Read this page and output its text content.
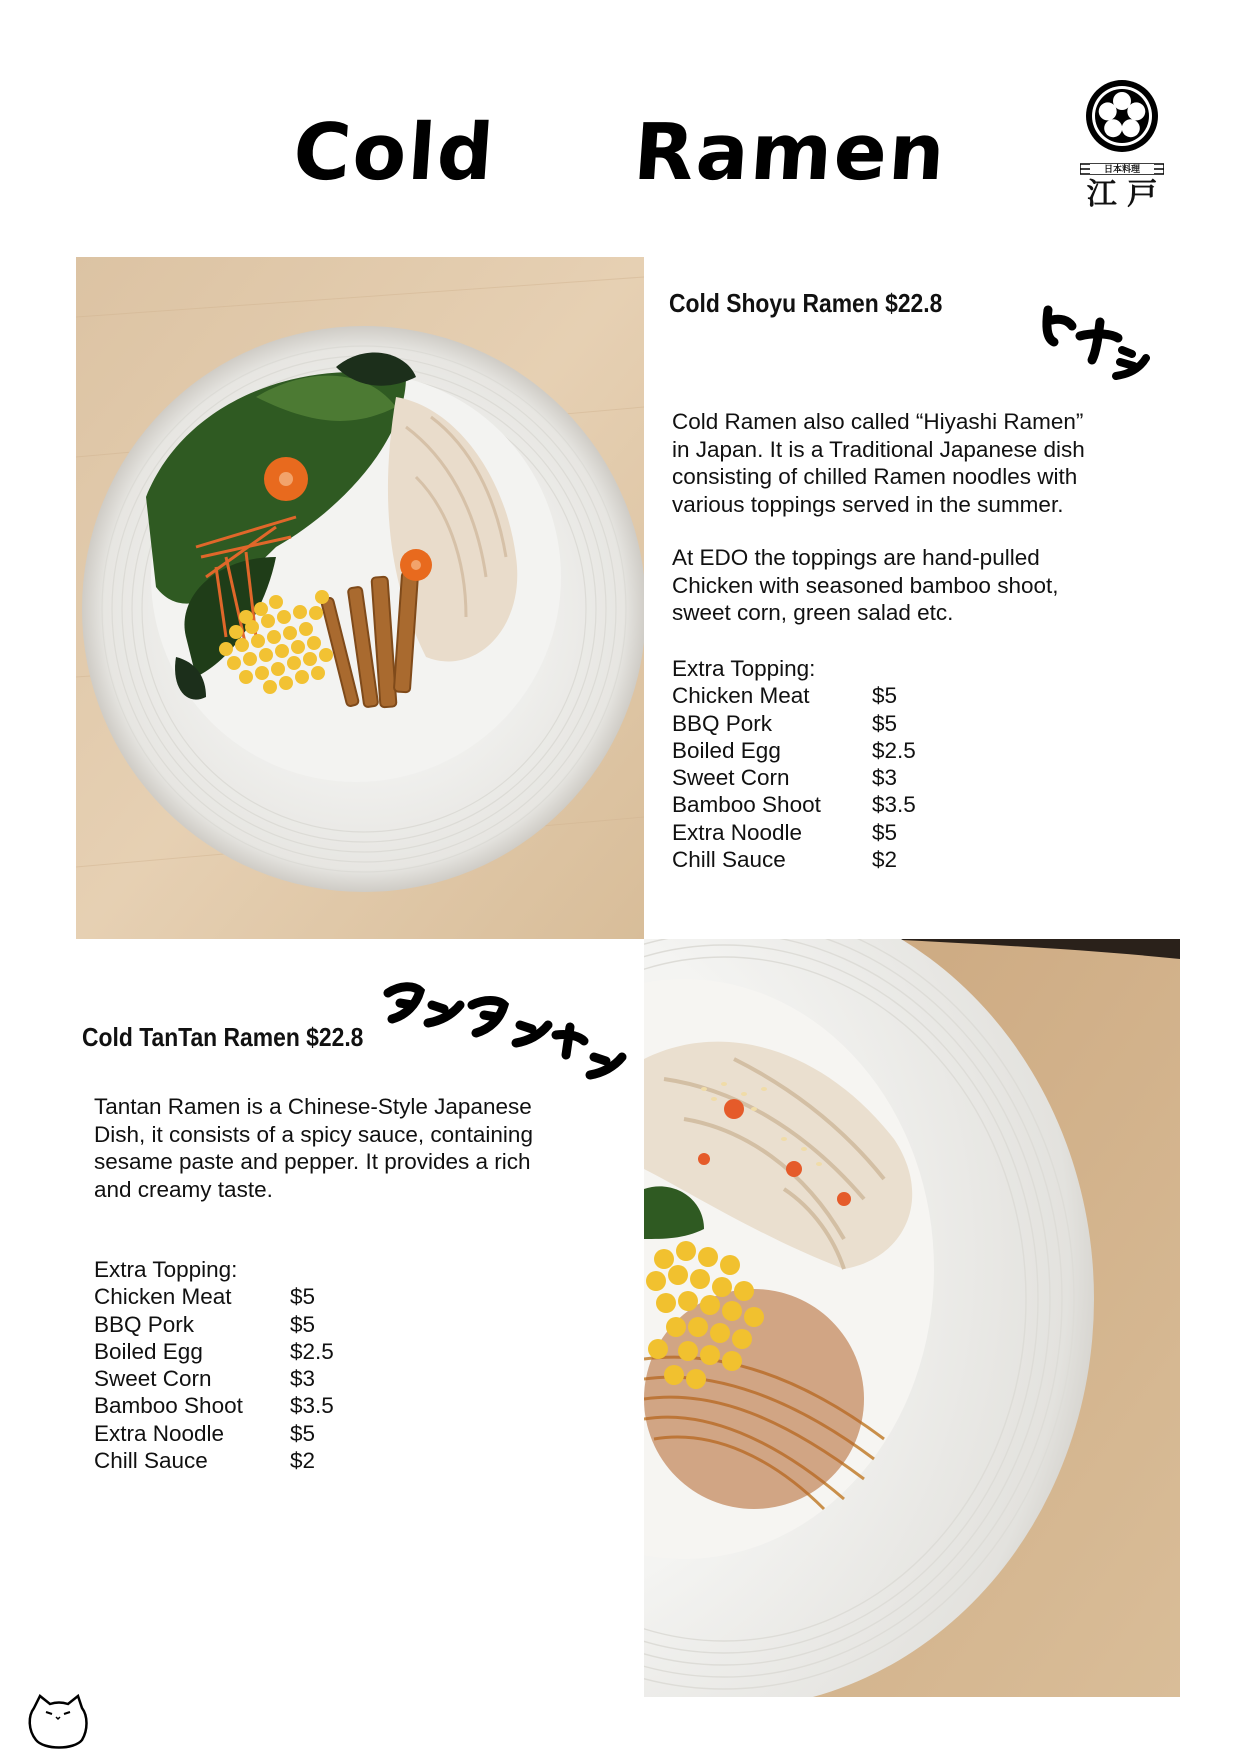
Cold Ramen	日本料理
江 戸
Cold Shoyu Ramen $22.8
Cold Ramen also called “Hiyashi Ramen”
in Japan. It is a Traditional Japanese dish
consisting of chilled Ramen noodles with
various toppings served in the summer.
At EDO the toppings are hand-pulled
Chicken with seasoned bamboo shoot,
sweet corn, green salad etc.
Extra Topping:
Chicken Meat	$5
BBQ Pork	$5
Boiled Egg	$2.5
Sweet Corn	$3
Bamboo Shoot	$3.5
Extra Noodle	$5
Chill Sauce	$2
Cold TanTan Ramen $22.8
Tantan Ramen is a Chinese-Style Japanese
Dish, it consists of a spicy sauce, containing
sesame paste and pepper. It provides a rich
and creamy taste.
Extra Topping:
Chicken Meat	$5
BBQ Pork	$5
Boiled Egg	$2.5
Sweet Corn	$3
Bamboo Shoot	$3.5
Extra Noodle	$5
Chill Sauce	$2
